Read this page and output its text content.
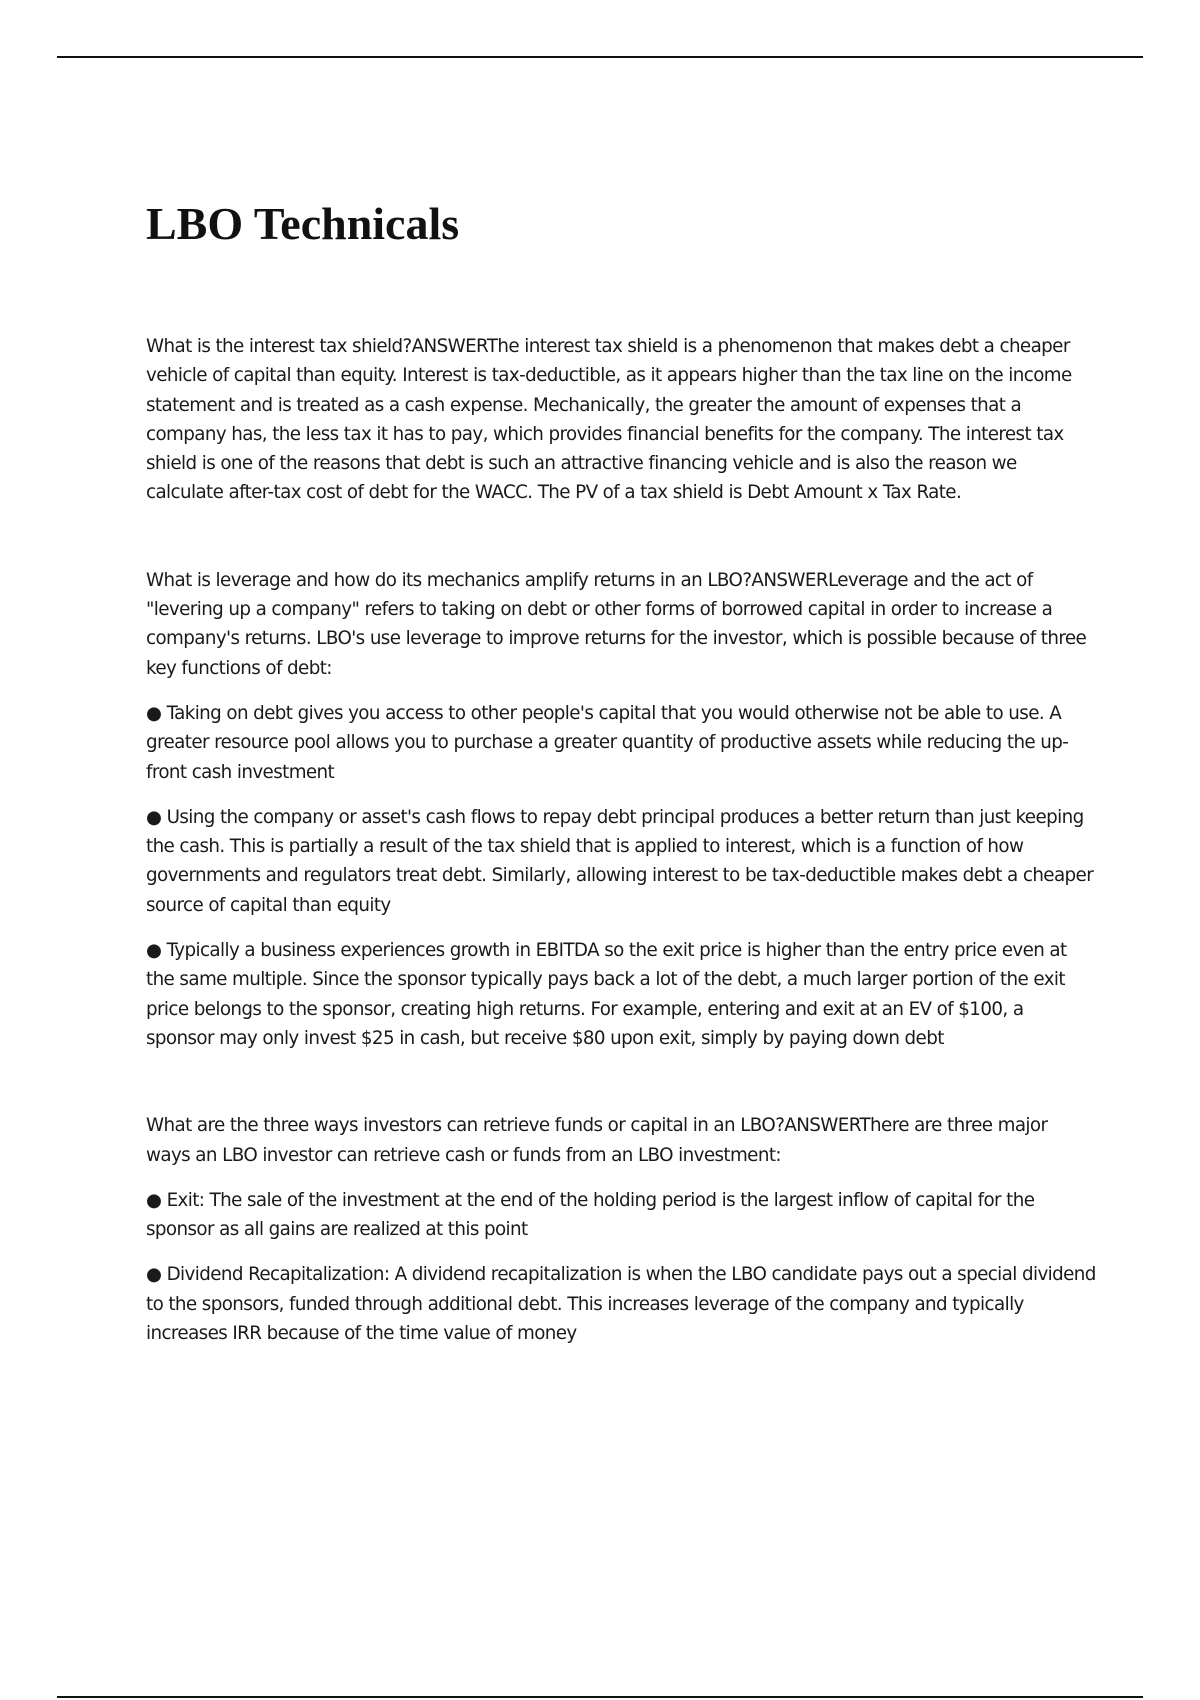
LBO Technicals

What is the interest tax shield?ANSWERThe interest tax shield is a phenomenon that makes debt a cheaper vehicle of capital than equity. Interest is tax-deductible, as it appears higher than the tax line on the income statement and is treated as a cash expense. Mechanically, the greater the amount of expenses that a company has, the less tax it has to pay, which provides financial benefits for the company. The interest tax shield is one of the reasons that debt is such an attractive financing vehicle and is also the reason we calculate after-tax cost of debt for the WACC. The PV of a tax shield is Debt Amount x Tax Rate.

What is leverage and how do its mechanics amplify returns in an LBO?ANSWERLeverage and the act of "levering up a company" refers to taking on debt or other forms of borrowed capital in order to increase a company's returns. LBO's use leverage to improve returns for the investor, which is possible because of three key functions of debt:

● Taking on debt gives you access to other people's capital that you would otherwise not be able to use. A greater resource pool allows you to purchase a greater quantity of productive assets while reducing the up-front cash investment

● Using the company or asset's cash flows to repay debt principal produces a better return than just keeping the cash. This is partially a result of the tax shield that is applied to interest, which is a function of how governments and regulators treat debt. Similarly, allowing interest to be tax-deductible makes debt a cheaper source of capital than equity

● Typically a business experiences growth in EBITDA so the exit price is higher than the entry price even at the same multiple. Since the sponsor typically pays back a lot of the debt, a much larger portion of the exit price belongs to the sponsor, creating high returns. For example, entering and exit at an EV of $100, a sponsor may only invest $25 in cash, but receive $80 upon exit, simply by paying down debt

What are the three ways investors can retrieve funds or capital in an LBO?ANSWERThere are three major ways an LBO investor can retrieve cash or funds from an LBO investment:

● Exit: The sale of the investment at the end of the holding period is the largest inflow of capital for the sponsor as all gains are realized at this point

● Dividend Recapitalization: A dividend recapitalization is when the LBO candidate pays out a special dividend to the sponsors, funded through additional debt. This increases leverage of the company and typically increases IRR because of the time value of money
